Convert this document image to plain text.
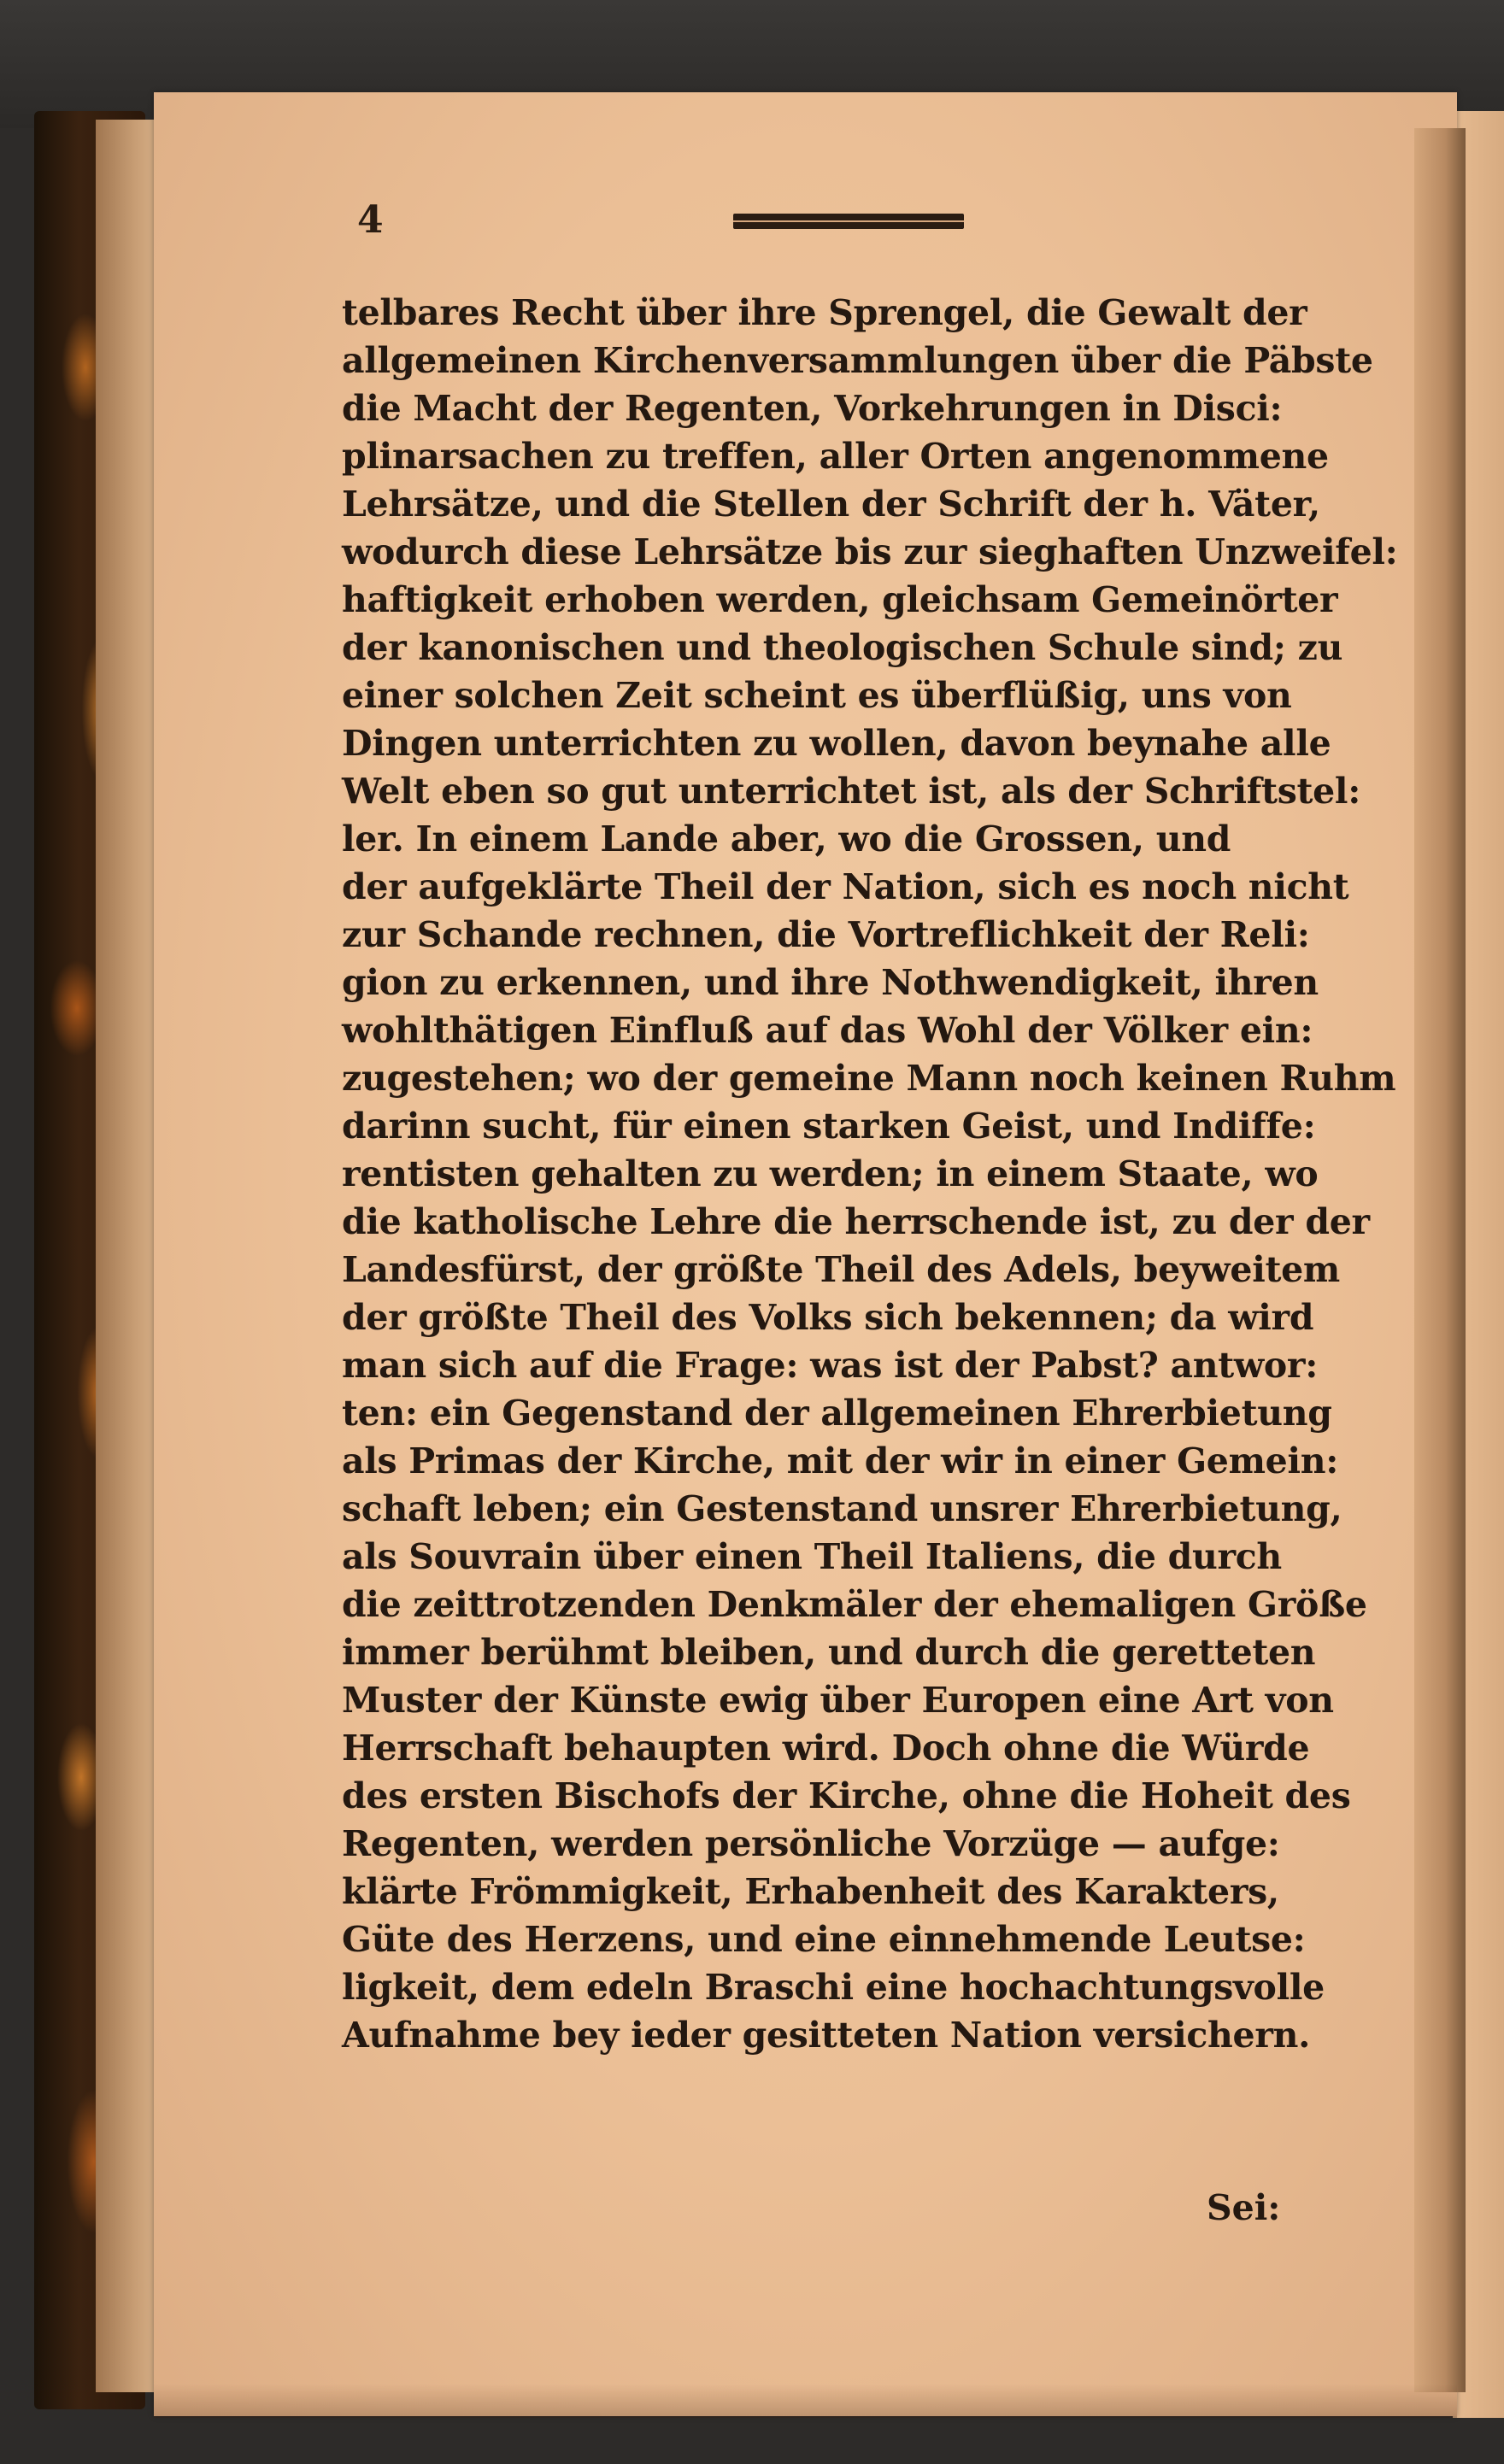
4
telbares Recht über ihre Sprengel, die Gewalt der
allgemeinen Kirchenversammlungen über die Päbste
die Macht der Regenten, Vorkehrungen in Disci:
plinarsachen zu treffen, aller Orten angenommene
Lehrsätze, und die Stellen der Schrift der h. Väter,
wodurch diese Lehrsätze bis zur sieghaften Unzweifel:
haftigkeit erhoben werden, gleichsam Gemeinörter
der kanonischen und theologischen Schule sind; zu
einer solchen Zeit scheint es überflüßig, uns von
Dingen unterrichten zu wollen, davon beynahe alle
Welt eben so gut unterrichtet ist, als der Schriftstel:
ler. In einem Lande aber, wo die Grossen, und
der aufgeklärte Theil der Nation, sich es noch nicht
zur Schande rechnen, die Vortreflichkeit der Reli:
gion zu erkennen, und ihre Nothwendigkeit, ihren
wohlthätigen Einfluß auf das Wohl der Völker ein:
zugestehen; wo der gemeine Mann noch keinen Ruhm
darinn sucht, für einen starken Geist, und Indiffe:
rentisten gehalten zu werden; in einem Staate, wo
die katholische Lehre die herrschende ist, zu der der
Landesfürst, der größte Theil des Adels, beyweitem
der größte Theil des Volks sich bekennen; da wird
man sich auf die Frage: was ist der Pabst? antwor:
ten: ein Gegenstand der allgemeinen Ehrerbietung
als Primas der Kirche, mit der wir in einer Gemein:
schaft leben; ein Gestenstand unsrer Ehrerbietung,
als Souvrain über einen Theil Italiens, die durch
die zeittrotzenden Denkmäler der ehemaligen Größe
immer berühmt bleiben, und durch die geretteten
Muster der Künste ewig über Europen eine Art von
Herrschaft behaupten wird. Doch ohne die Würde
des ersten Bischofs der Kirche, ohne die Hoheit des
Regenten, werden persönliche Vorzüge — aufge:
klärte Frömmigkeit, Erhabenheit des Karakters,
Güte des Herzens, und eine einnehmende Leutse:
ligkeit, dem edeln Braschi eine hochachtungsvolle
Aufnahme bey ieder gesitteten Nation versichern.
Sei:
